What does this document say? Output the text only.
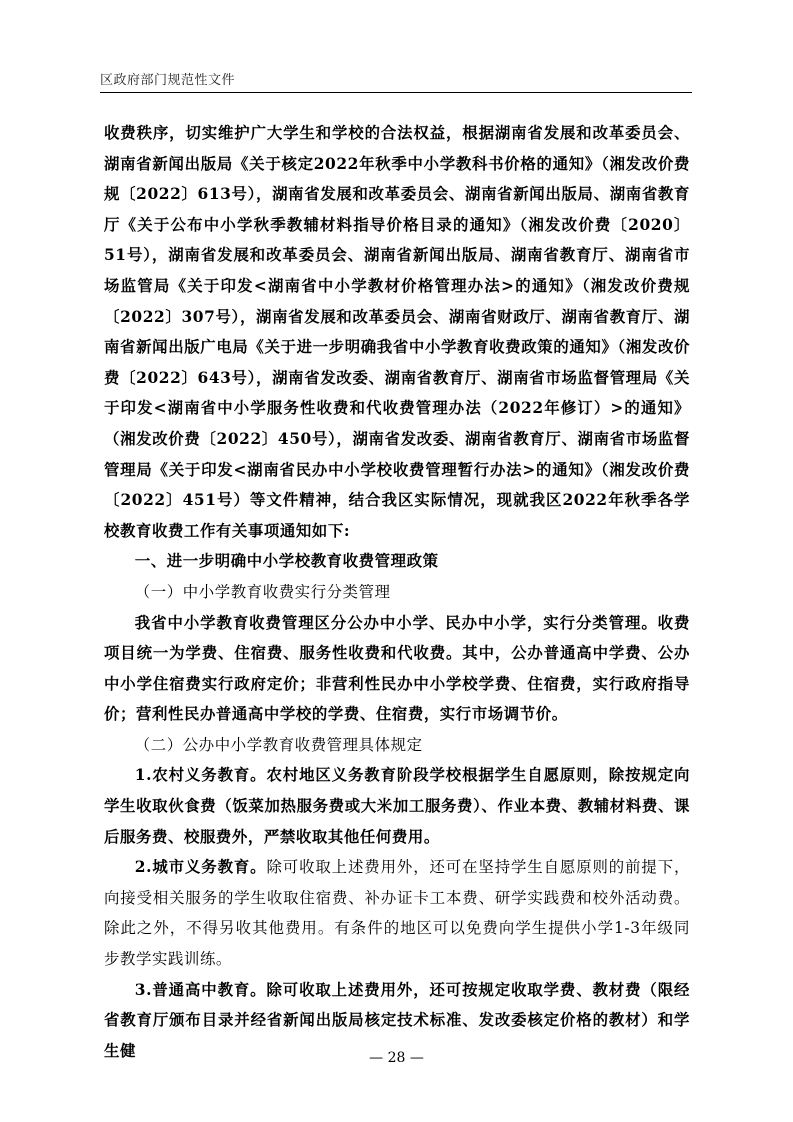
区政府部门规范性文件

收费秩序，切实维护广大学生和学校的合法权益，根据湖南省发展和改革委员会、湖南省新闻出版局《关于核定2022年秋季中小学教科书价格的通知》（湘发改价费规〔2022〕613号），湖南省发展和改革委员会、湖南省新闻出版局、湖南省教育厅《关于公布中小学秋季教辅材料指导价格目录的通知》（湘发改价费〔2020〕51号），湖南省发展和改革委员会、湖南省新闻出版局、湖南省教育厅、湖南省市场监管局《关于印发<湖南省中小学教材价格管理办法>的通知》（湘发改价费规〔2022〕307号），湖南省发展和改革委员会、湖南省财政厅、湖南省教育厅、湖南省新闻出版广电局《关于进一步明确我省中小学教育收费政策的通知》（湘发改价费〔2022〕643号），湖南省发改委、湖南省教育厅、湖南省市场监督管理局《关于印发<湖南省中小学服务性收费和代收费管理办法（2022年修订）>的通知》（湘发改价费〔2022〕450号），湖南省发改委、湖南省教育厅、湖南省市场监督管理局《关于印发<湖南省民办中小学校收费管理暂行办法>的通知》（湘发改价费〔2022〕451号）等文件精神，结合我区实际情况，现就我区2022年秋季各学校教育收费工作有关事项通知如下:

一、进一步明确中小学校教育收费管理政策

（一）中小学教育收费实行分类管理

我省中小学教育收费管理区分公办中小学、民办中小学，实行分类管理。收费项目统一为学费、住宿费、服务性收费和代收费。其中，公办普通高中学费、公办中小学住宿费实行政府定价；非营利性民办中小学校学费、住宿费，实行政府指导价；营利性民办普通高中学校的学费、住宿费，实行市场调节价。

（二）公办中小学教育收费管理具体规定

1.农村义务教育。农村地区义务教育阶段学校根据学生自愿原则，除按规定向学生收取伙食费（饭菜加热服务费或大米加工服务费）、作业本费、教辅材料费、课后服务费、校服费外，严禁收取其他任何费用。

2.城市义务教育。除可收取上述费用外，还可在坚持学生自愿原则的前提下，向接受相关服务的学生收取住宿费、补办证卡工本费、研学实践费和校外活动费。除此之外，不得另收其他费用。有条件的地区可以免费向学生提供小学1-3年级同步教学实践训练。

3.普通高中教育。除可收取上述费用外，还可按规定收取学费、教材费（限经省教育厅颁布目录并经省新闻出版局核定技术标准、发改委核定价格的教材）和学生健	— 28 —
